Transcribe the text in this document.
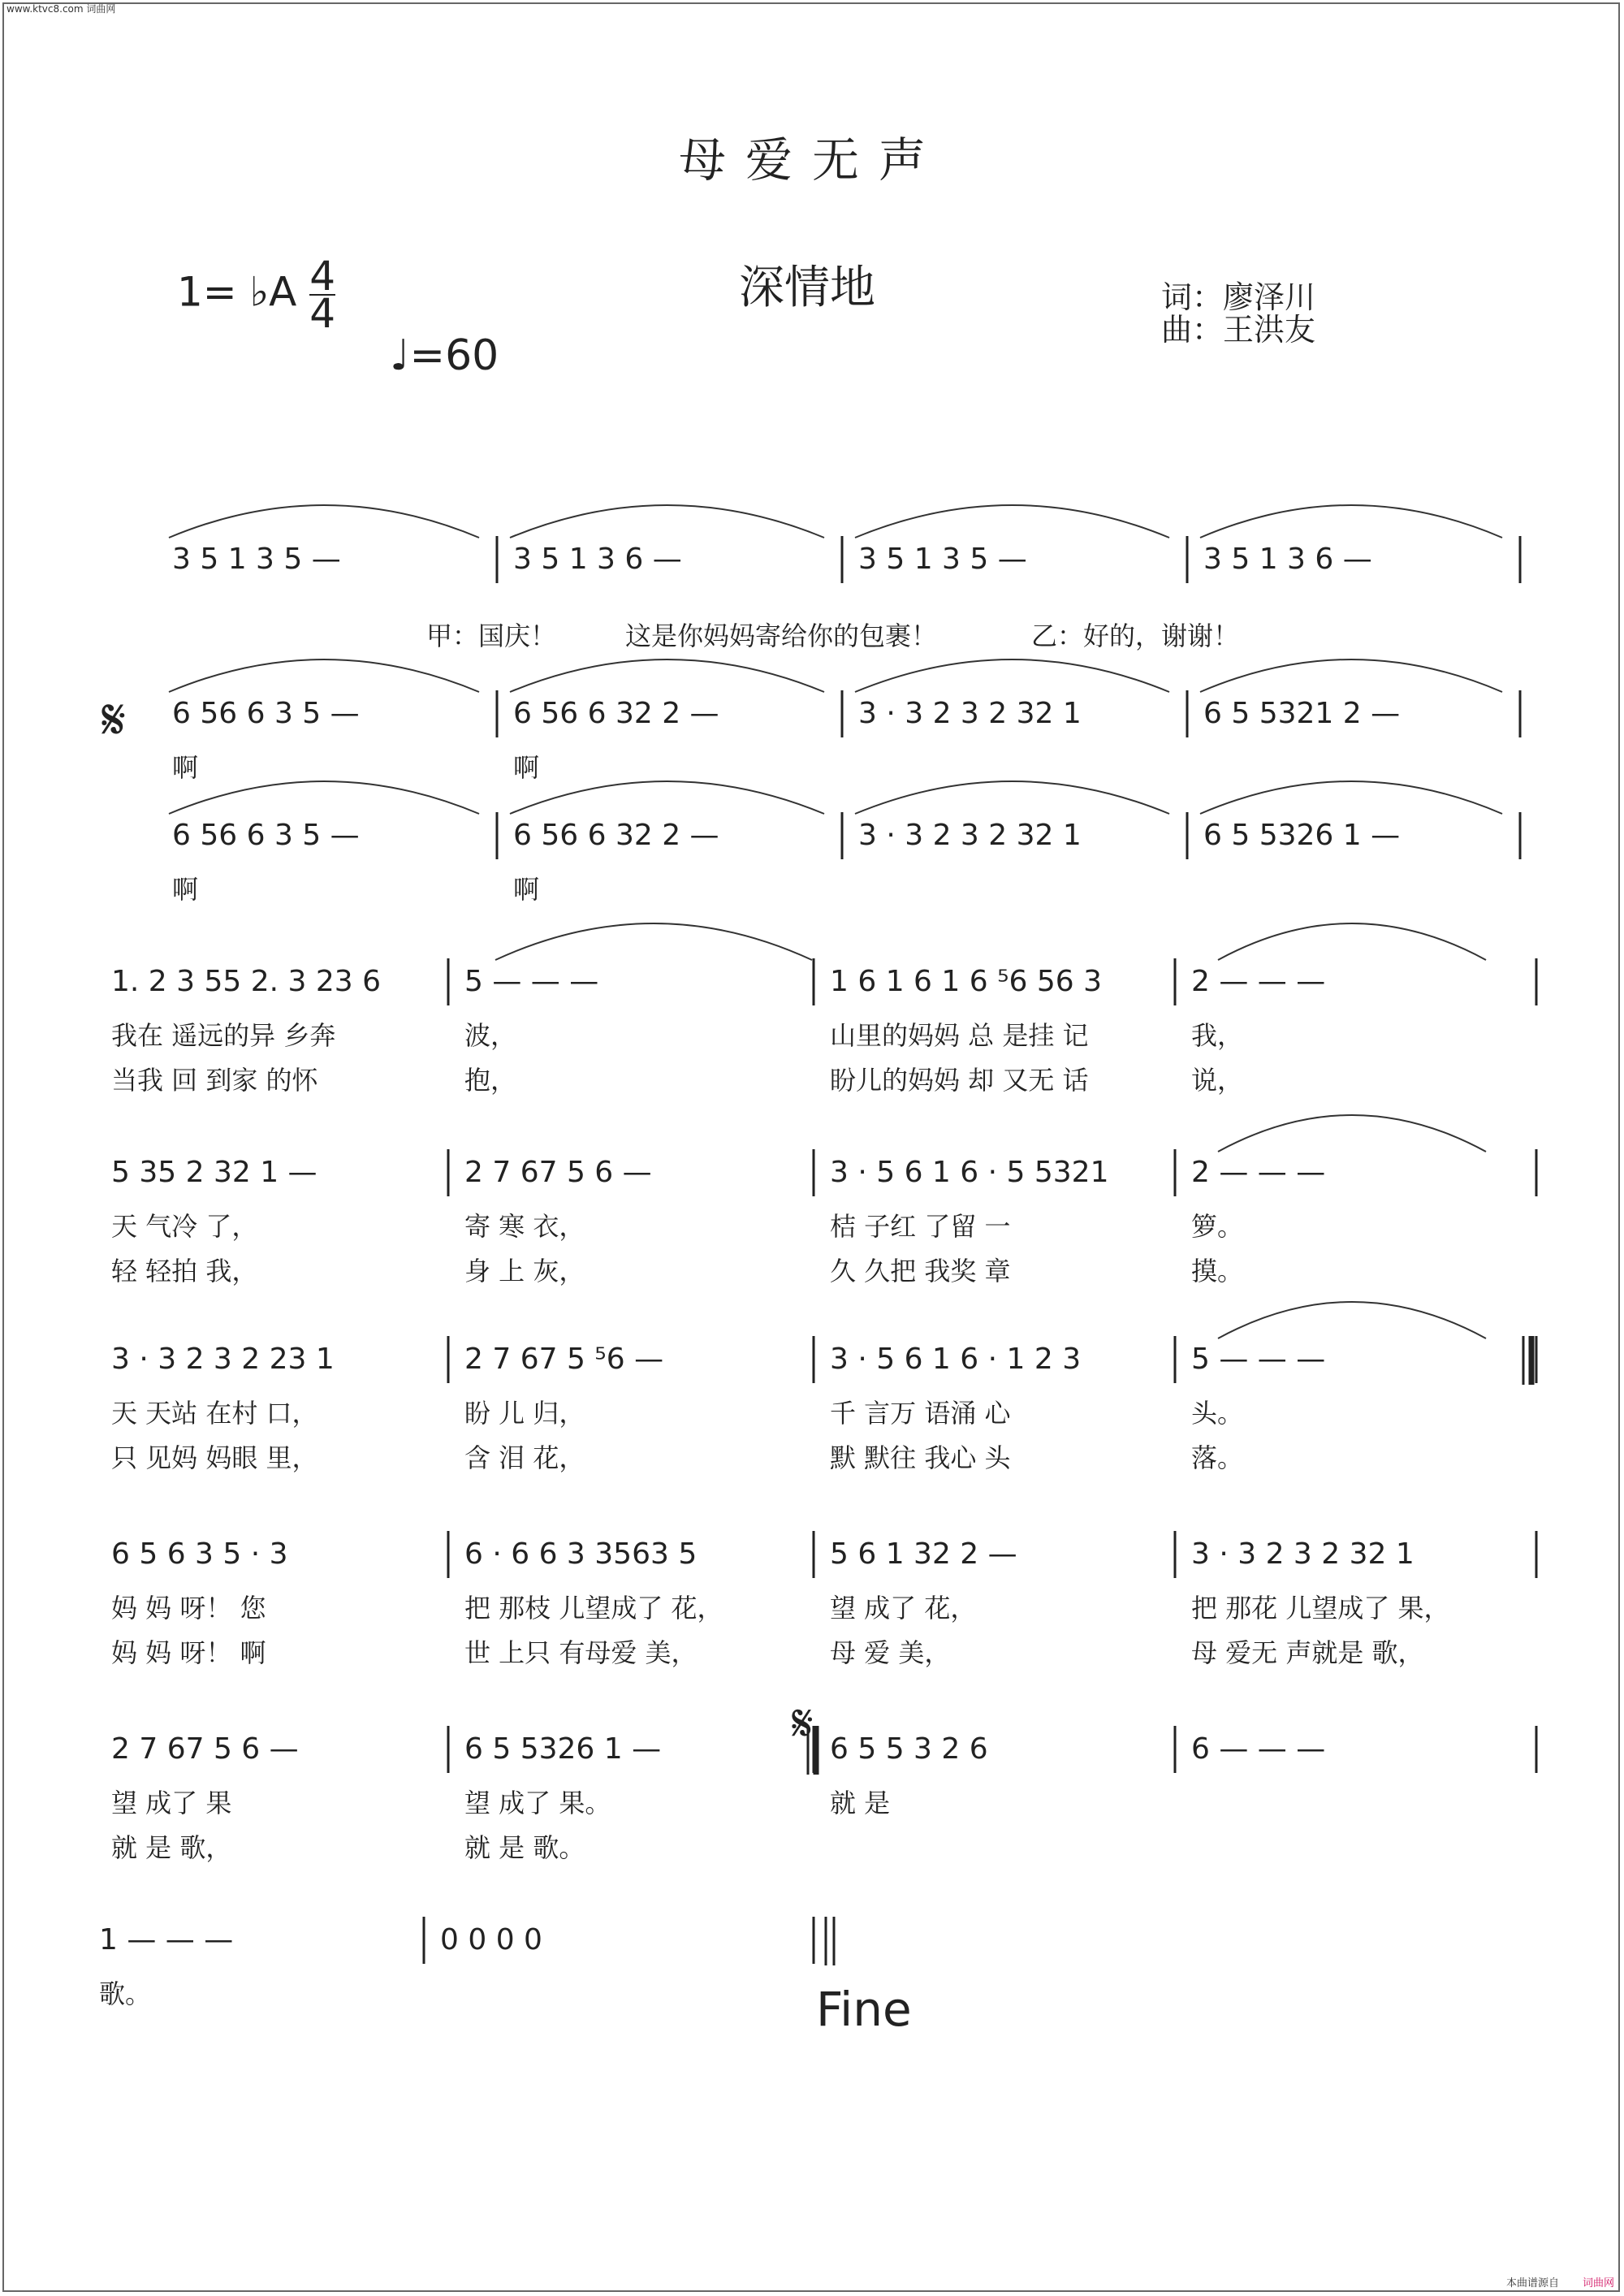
www.ktvc8.com 词曲网
母爱无声
1= ♭A $\frac{4}{4}$
♩=60
深情地	词：廖泽川
曲：王洪友
甲：国庆！	这是你妈妈寄给你的包裹！	乙：好的，谢谢！
3 5 1 3 5 —	3 5 1 3 6 —	3 5 1 3 5 —	3 5 1 3 6 —
6 56 6 3 5 —
啊
6 56 6 32 2 —
啊
3 · 3 2 3 2 32 1	6 5 5321 2 —
6 56 6 3 5 —
啊
6 56 6 32 2 —
啊
3 · 3 2 3 2 32 1	6 5 5326 1 —
1. 2 3 55 2. 3 23 6
我在 遥远的异 乡奔
当我 回 到家 的怀
5 — — —
波，
抱，
1 6 1 6 1 6 ⁵6 56 3
山里的妈妈 总 是挂 记
盼儿的妈妈 却 又无 话
2 — — —
我，
说，
5 35 2 32 1 —
天 气冷 了，
轻 轻拍 我，
2 7 67 5 6 —
寄 寒 衣，
身 上 灰，
3 · 5 6 1 6 · 5 5321
桔 子红 了留 一
久 久把 我奖 章
2 — — —
箩。
摸。
3 · 3 2 3 2 23 1
天 天站 在村 口，
只 见妈 妈眼 里，
2 7 67 5 ⁵6 —
盼 儿 归，
含 泪 花，
3 · 5 6 1 6 · 1 2 3
千 言万 语涌 心
默 默往 我心 头
5 — — —
头。
落。
6 5 6 3 5 · 3
妈 妈 呀！ 您
妈 妈 呀！ 啊
6 · 6 6 3 3563 5
把 那枝 儿望成了 花，
世 上只 有母爱 美，
5 6 1 32 2 —
望 成了 花，
母 爱 美，
3 · 3 2 3 2 32 1
把 那花 儿望成了 果，
母 爱无 声就是 歌，
2 7 67 5 6 —
望 成了 果
就 是 歌，
6 5 5326 1 —
望 成了 果。
就 是 歌。
6 5 5 3 2 6
就 是
6 — — —
1 — — —
歌。
0 0 0 0
𝄋
𝄋
Fine
本曲谱源自 词曲网
